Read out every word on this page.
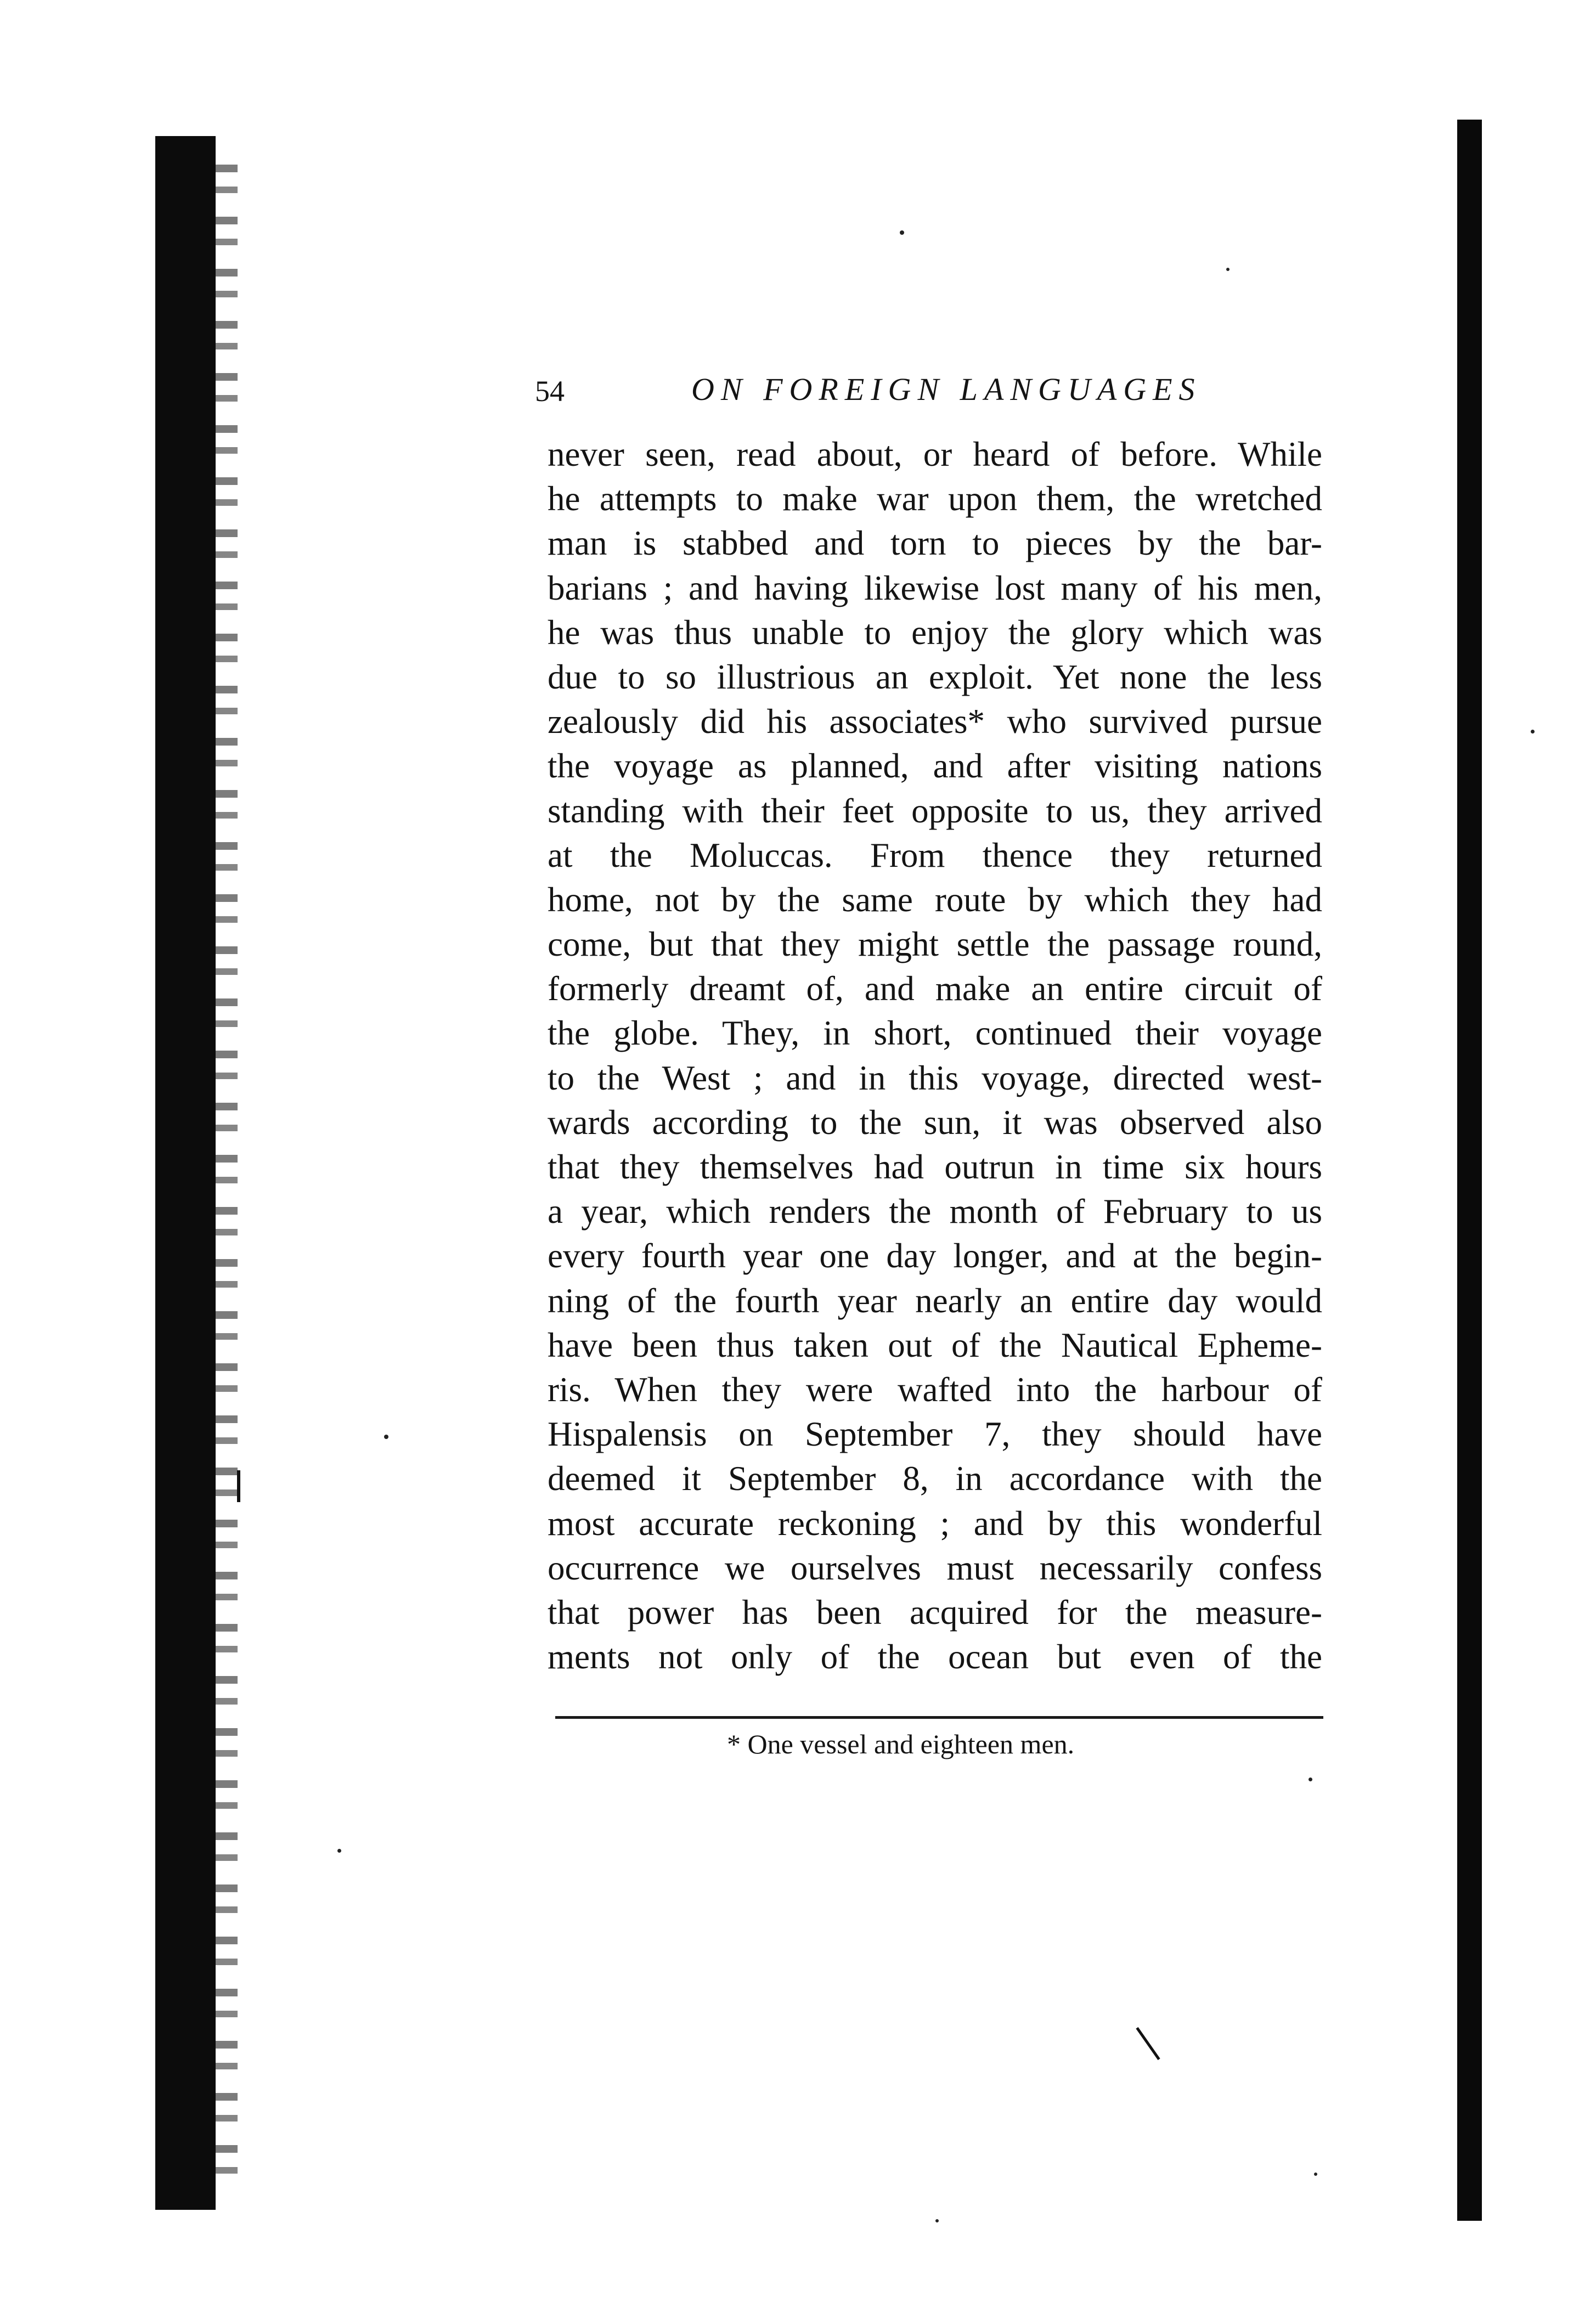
54	ON FOREIGN LANGUAGES
never seen, read about, or heard of before. While
he attempts to make war upon them, the wretched
man is stabbed and torn to pieces by the bar-
barians ; and having likewise lost many of his men,
he was thus unable to enjoy the glory which was
due to so illustrious an exploit. Yet none the less
zealously did his associates* who survived pursue
the voyage as planned, and after visiting nations
standing with their feet opposite to us, they arrived
at the Moluccas. From thence they returned
home, not by the same route by which they had
come, but that they might settle the passage round,
formerly dreamt of, and make an entire circuit of
the globe. They, in short, continued their voyage
to the West ; and in this voyage, directed west-
wards according to the sun, it was observed also
that they themselves had outrun in time six hours
a year, which renders the month of February to us
every fourth year one day longer, and at the begin-
ning of the fourth year nearly an entire day would
have been thus taken out of the Nautical Epheme-
ris. When they were wafted into the harbour of
Hispalensis on September 7, they should have
deemed it September 8, in accordance with the
most accurate reckoning ; and by this wonderful
occurrence we ourselves must necessarily confess
that power has been acquired for the measure-
ments not only of the ocean but even of the
* One vessel and eighteen men.
